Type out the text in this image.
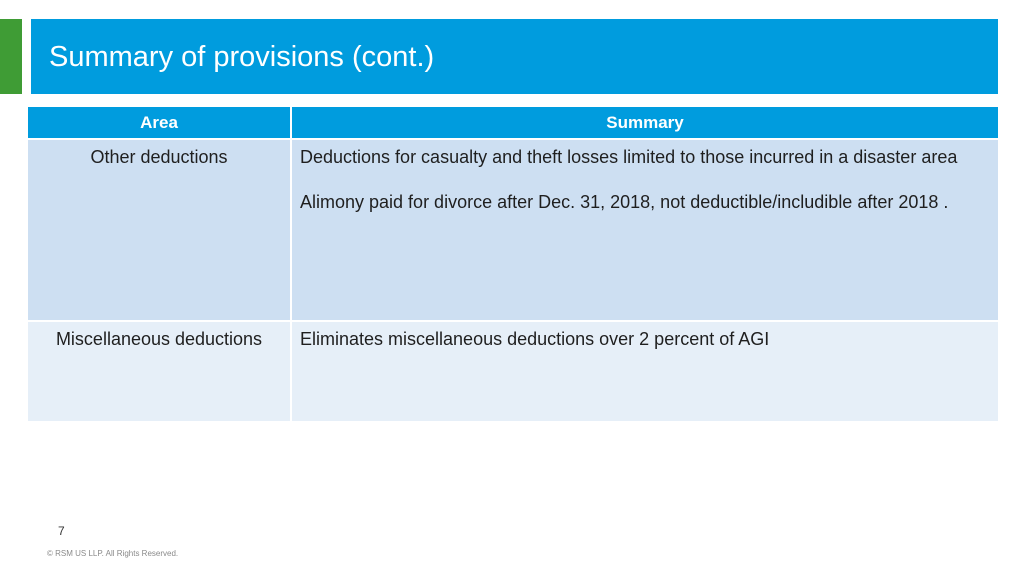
Summary of provisions (cont.)
Area	Summary
Other deductions	Deductions for casualty and theft losses limited to those incurred in a disaster area

Alimony paid for divorce after Dec. 31, 2018, not deductible/includible after 2018 .

Miscellaneous deductions	Eliminates miscellaneous deductions over 2 percent of AGI

7
© RSM US LLP. All Rights Reserved.
